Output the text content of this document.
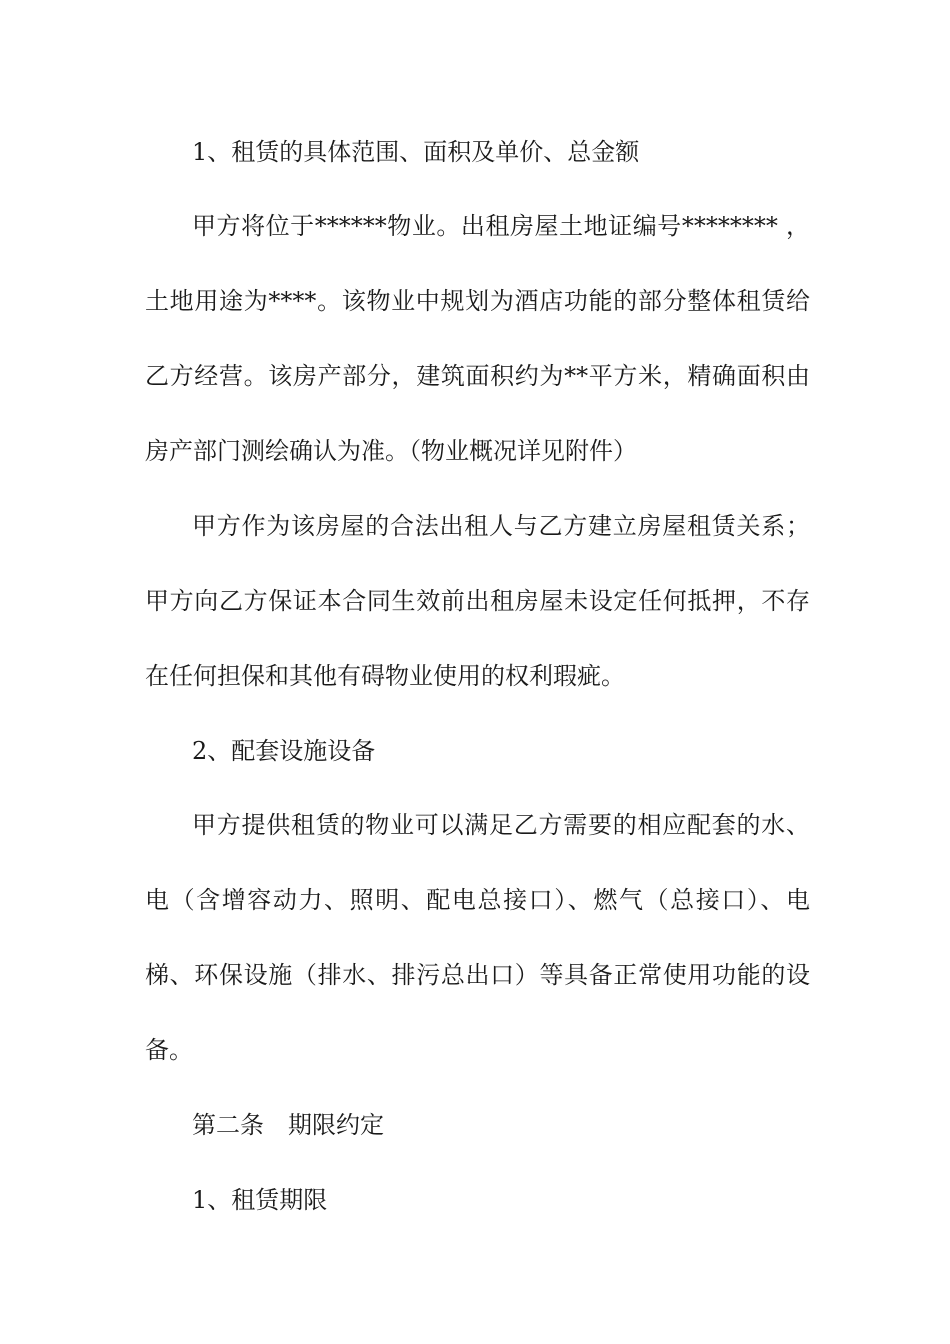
1、租赁的具体范围、面积及单价、总金额
甲方将位于******物业。出租房屋土地证编号******** ，
土地用途为****。该物业中规划为酒店功能的部分整体租赁给
乙方经营。该房产部分，建筑面积约为**平方米，精确面积由
房产部门测绘确认为准。（物业概况详见附件）
甲方作为该房屋的合法出租人与乙方建立房屋租赁关系；
甲方向乙方保证本合同生效前出租房屋未设定任何抵押，不存
在任何担保和其他有碍物业使用的权利瑕疵。
2、配套设施设备
甲方提供租赁的物业可以满足乙方需要的相应配套的水、
电（含增容动力、照明、配电总接口）、燃气（总接口）、电
梯、环保设施（排水、排污总出口）等具备正常使用功能的设
备。
第二条　期限约定
1、租赁期限
